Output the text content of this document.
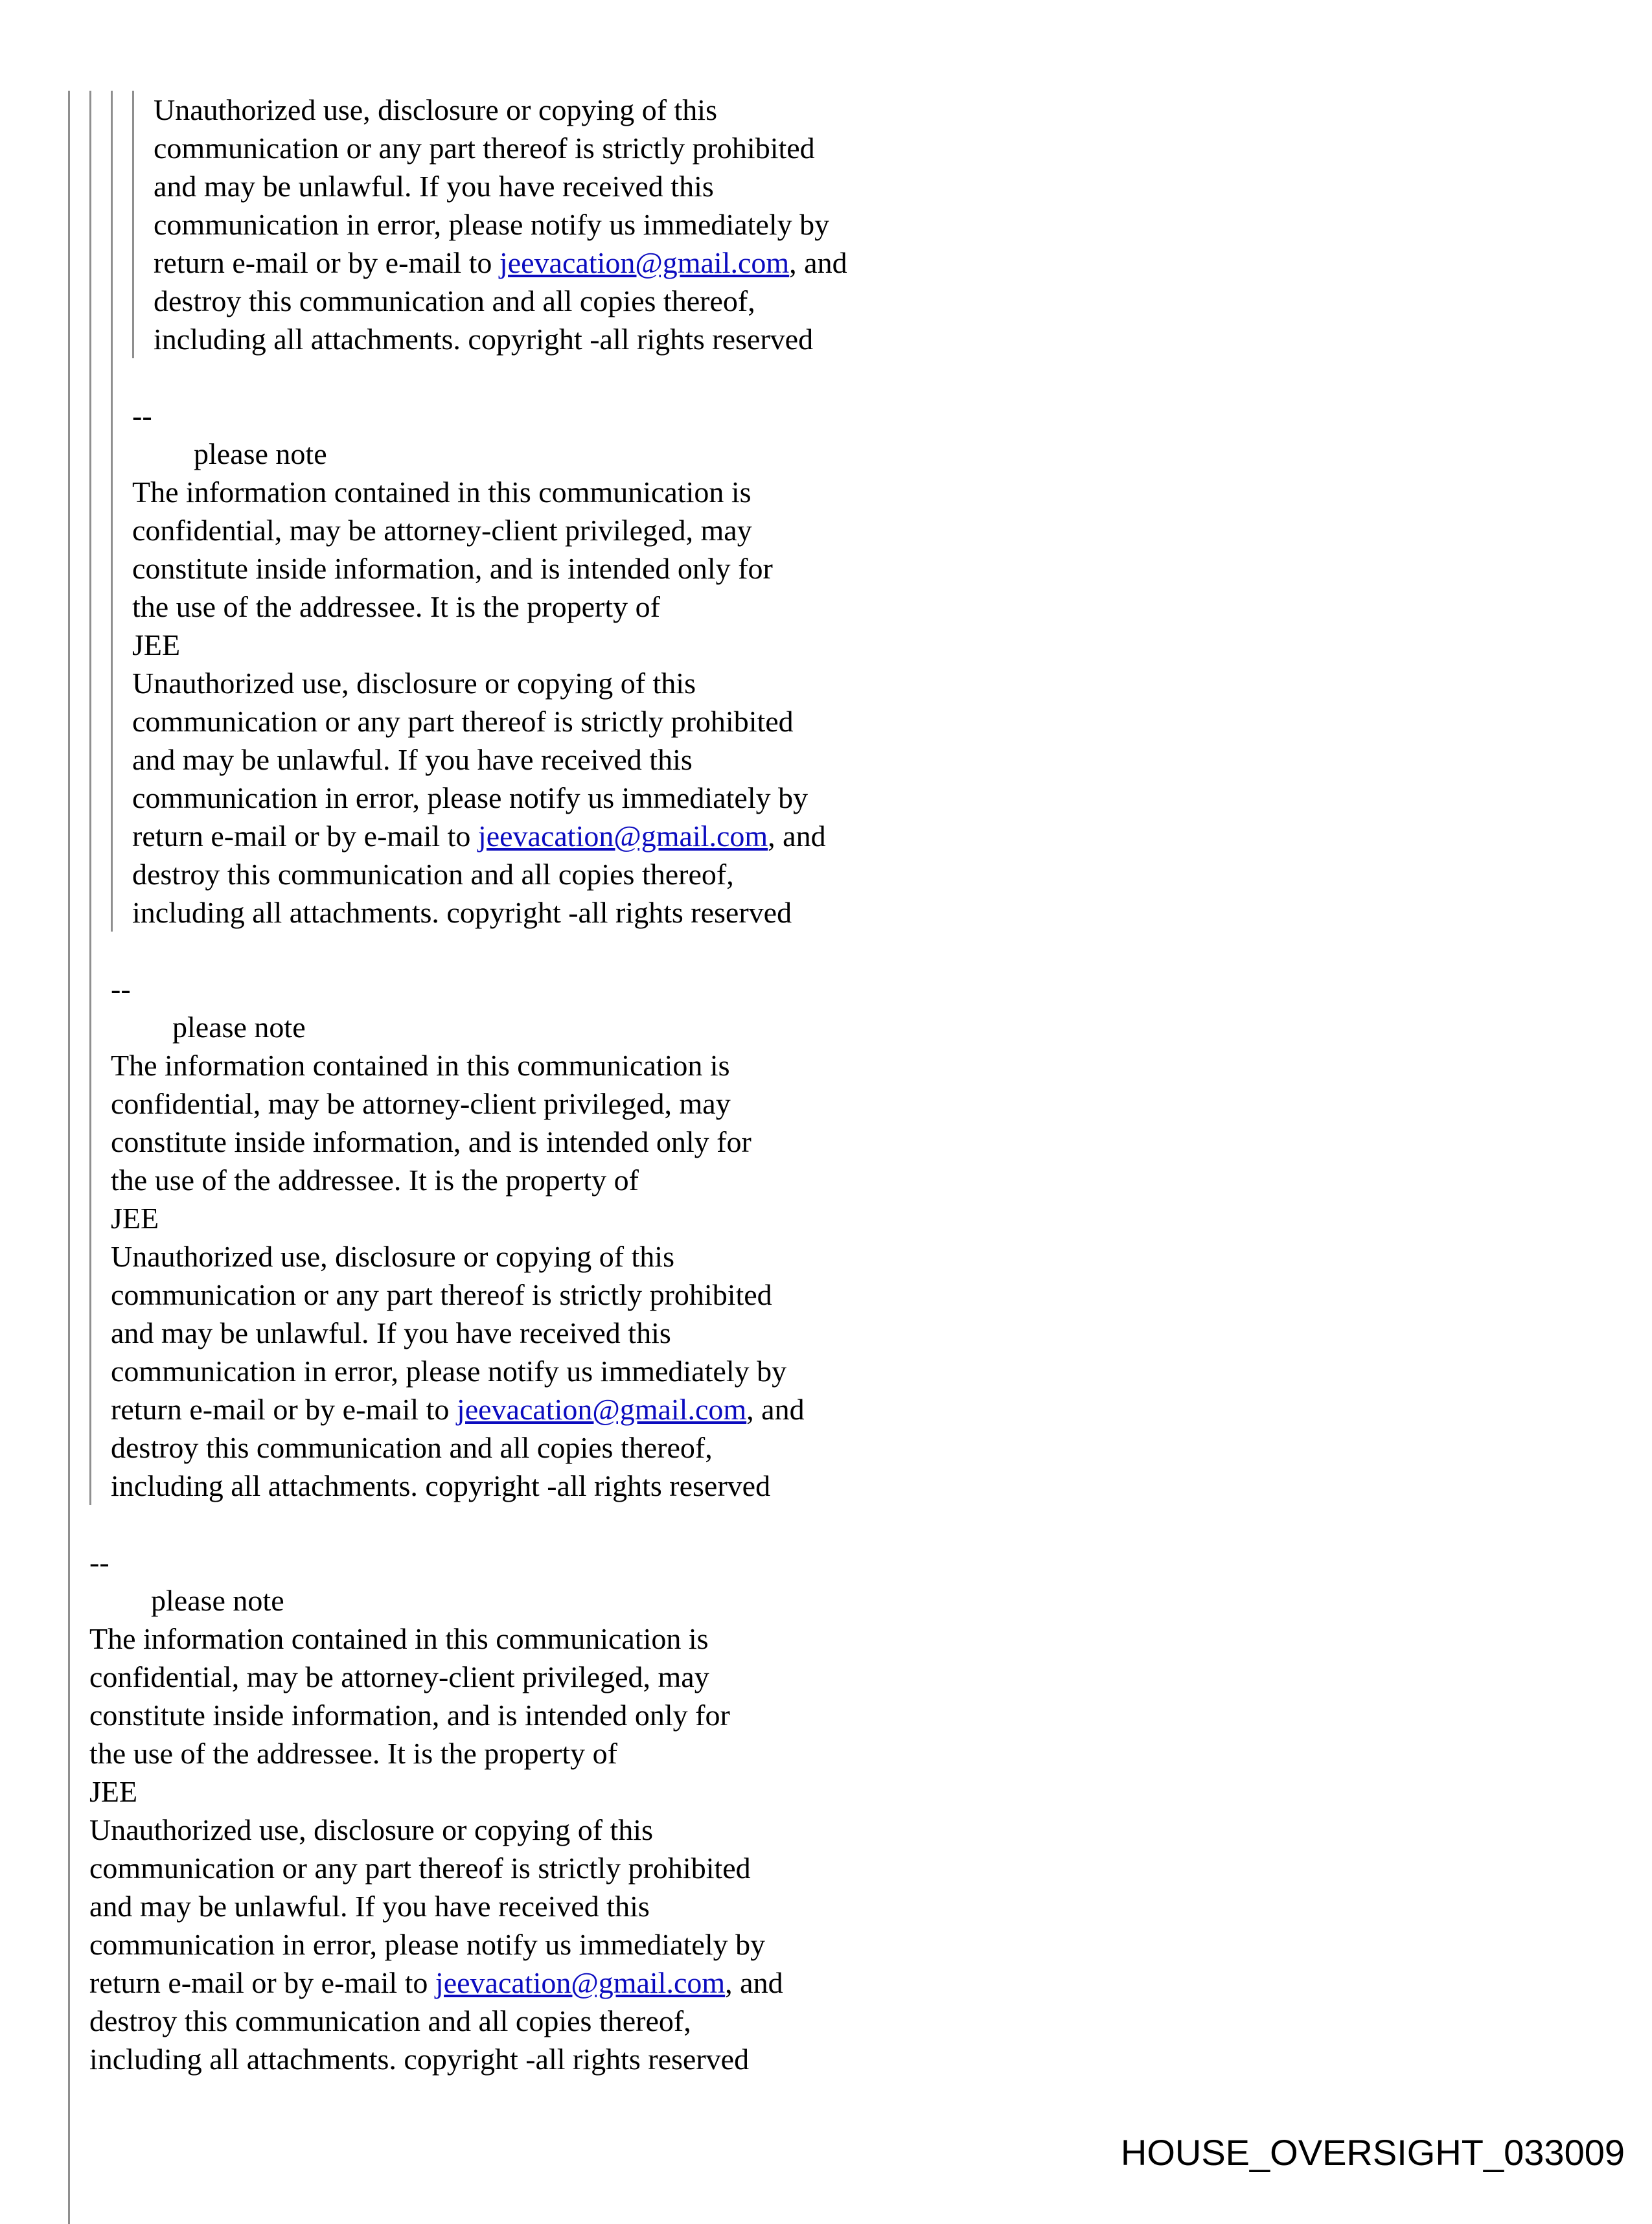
Unauthorized use, disclosure or copying of this
communication or any part thereof is strictly prohibited
and may be unlawful. If you have received this
communication in error, please notify us immediately by
return e-mail or by e-mail to jeevacation@gmail.com, and
destroy this communication and all copies thereof,
including all attachments. copyright -all rights reserved

--

please note
The information contained in this communication is
confidential, may be attorney-client privileged, may
constitute inside information, and is intended only for
the use of the addressee. It is the property of
JEE

Unauthorized use, disclosure or copying of this
communication or any part thereof is strictly prohibited
and may be unlawful. If you have received this
communication in error, please notify us immediately by
return e-mail or by e-mail to jeevacation@gmail.com, and
destroy this communication and all copies thereof,
including all attachments. copyright -all rights reserved

--

please note
The information contained in this communication is
confidential, may be attorney-client privileged, may
constitute inside information, and is intended only for
the use of the addressee. It is the property of
JEE

Unauthorized use, disclosure or copying of this
communication or any part thereof is strictly prohibited
and may be unlawful. If you have received this
communication in error, please notify us immediately by
return e-mail or by e-mail to jeevacation@gmail.com, and
destroy this communication and all copies thereof,
including all attachments. copyright -all rights reserved

--

please note
The information contained in this communication is
confidential, may be attorney-client privileged, may
constitute inside information, and is intended only for
the use of the addressee. It is the property of
JEE

Unauthorized use, disclosure or copying of this
communication or any part thereof is strictly prohibited
and may be unlawful. If you have received this
communication in error, please notify us immediately by
return e-mail or by e-mail to jeevacation@gmail.com, and
destroy this communication and all copies thereof,
including all attachments. copyright -all rights reserved

HOUSE_OVERSIGHT_033009
